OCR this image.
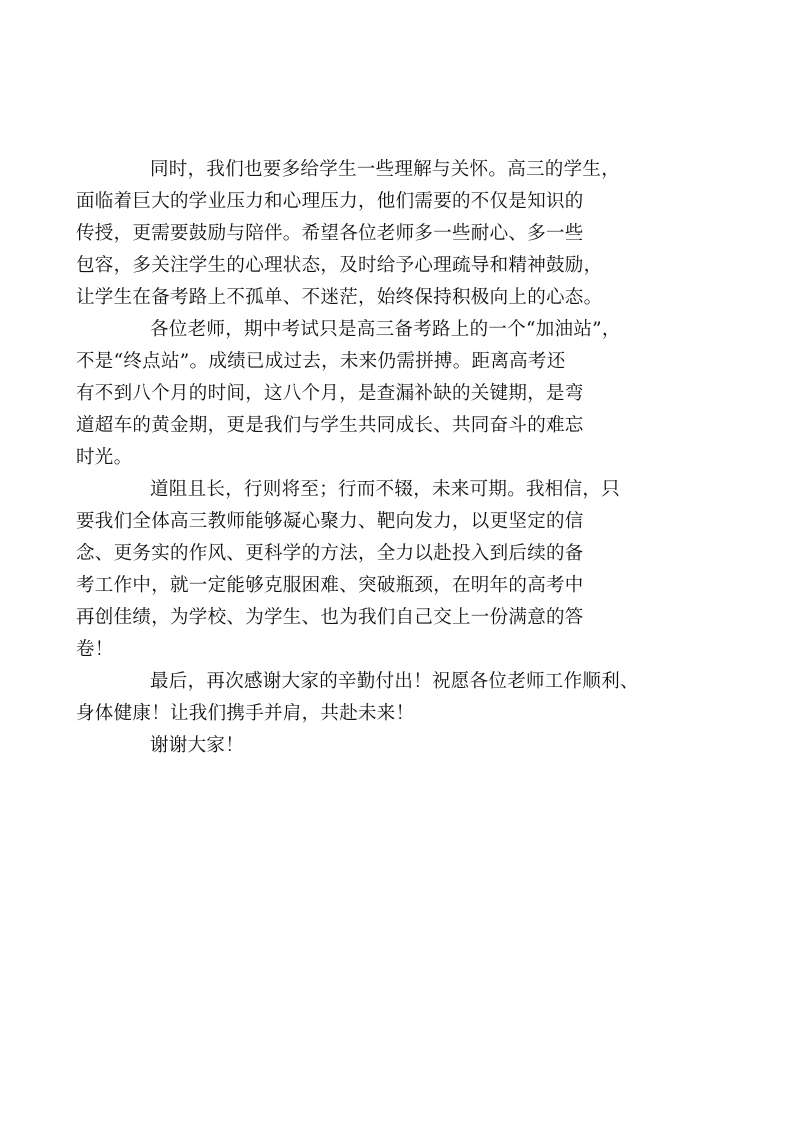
同时，我们也要多给学生一些理解与关怀。高三的学生，
面临着巨大的学业压力和心理压力，他们需要的不仅是知识的
传授，更需要鼓励与陪伴。希望各位老师多一些耐心、多一些
包容，多关注学生的心理状态，及时给予心理疏导和精神鼓励，
让学生在备考路上不孤单、不迷茫，始终保持积极向上的心态。

各位老师，期中考试只是高三备考路上的一个“加油站”，
不是“终点站”。成绩已成过去，未来仍需拼搏。距离高考还
有不到八个月的时间，这八个月，是查漏补缺的关键期，是弯
道超车的黄金期，更是我们与学生共同成长、共同奋斗的难忘
时光。

道阻且长，行则将至；行而不辍，未来可期。我相信，只
要我们全体高三教师能够凝心聚力、靶向发力，以更坚定的信
念、更务实的作风、更科学的方法，全力以赴投入到后续的备
考工作中，就一定能够克服困难、突破瓶颈，在明年的高考中
再创佳绩，为学校、为学生、也为我们自己交上一份满意的答
卷！

最后，再次感谢大家的辛勤付出！祝愿各位老师工作顺利、
身体健康！让我们携手并肩，共赴未来！

谢谢大家！
